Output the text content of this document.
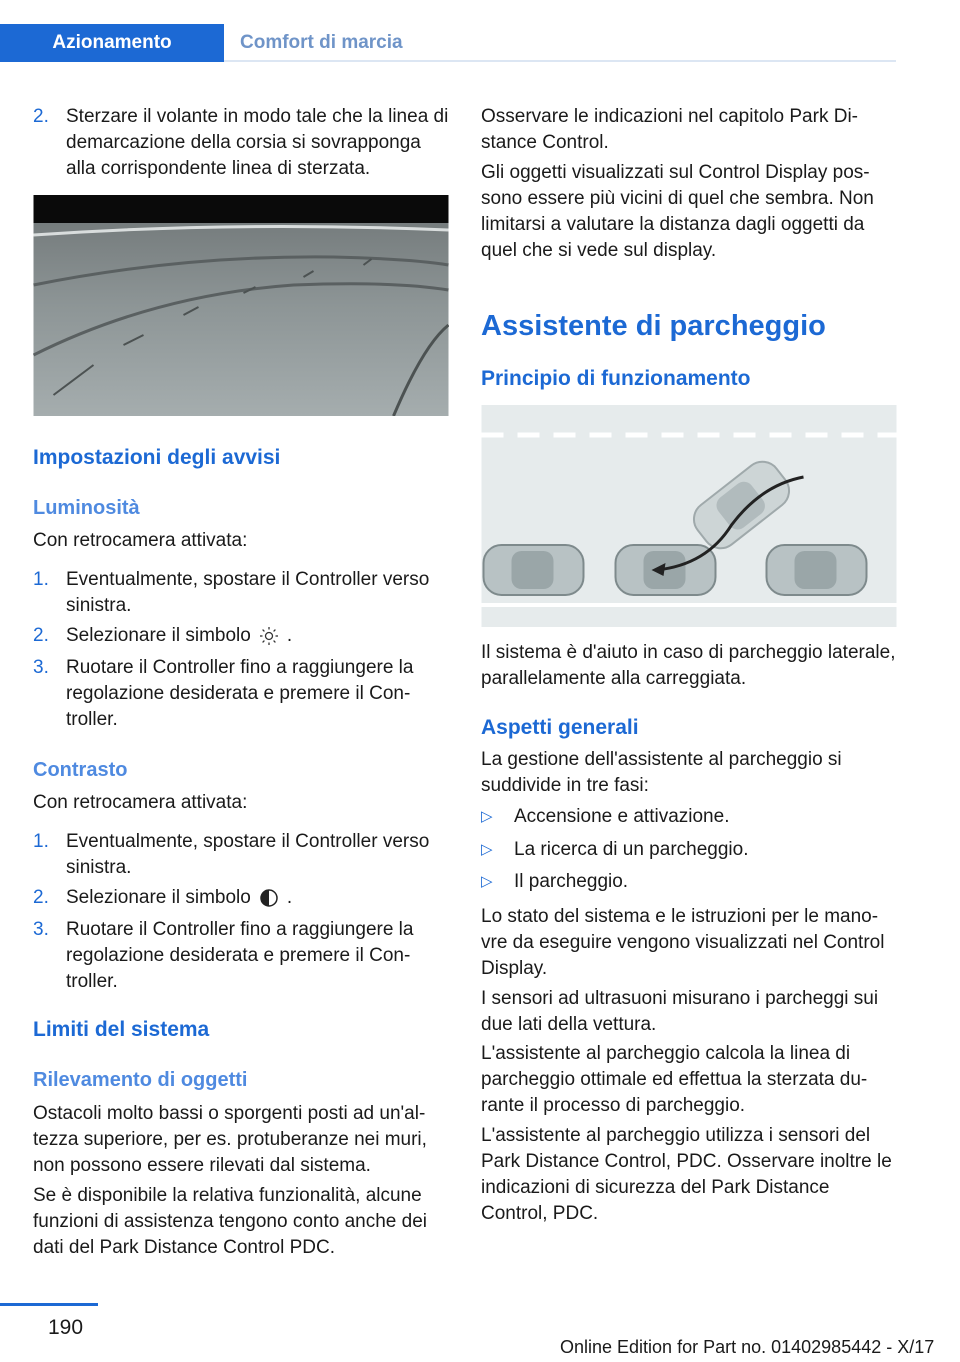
Azionamento	Comfort di marcia
2. Sterzare il volante in modo tale che la linea di demarcazione della corsia si sovrapponga alla corrispondente linea di sterzata.

Impostazioni degli avvisi
Luminosità

Con retrocamera attivata:

1. Eventualmente, spostare il Controller verso sinistra.

2. Selezionare il simbolo .

3. Ruotare il Controller fino a raggiungere la regolazione desiderata e premere il Controller.

Contrasto

Con retrocamera attivata:

1. Eventualmente, spostare il Controller verso sinistra.

2. Selezionare il simbolo .

3. Ruotare il Controller fino a raggiungere la regolazione desiderata e premere il Controller.

Limiti del sistema
Rilevamento di oggetti

Ostacoli molto bassi o sporgenti posti ad un'altezza superiore, per es. protuberanze nei muri, non possono essere rilevati dal sistema.

Se è disponibile la relativa funzionalità, alcune funzioni di assistenza tengono conto anche dei dati del Park Distance Control PDC.

Osservare le indicazioni nel capitolo Park Distance Control.

Gli oggetti visualizzati sul Control Display possono essere più vicini di quel che sembra. Non limitarsi a valutare la distanza dagli oggetti da quel che si vede sul display.

Assistente di parcheggio
Principio di funzionamento

Il sistema è d'aiuto in caso di parcheggio laterale, parallelamente alla carreggiata.

Aspetti generali

La gestione dell'assistente al parcheggio si suddivide in tre fasi:

▷ Accensione e attivazione.

▷ La ricerca di un parcheggio.

▷ Il parcheggio.

Lo stato del sistema e le istruzioni per le manovre da eseguire vengono visualizzati nel Control Display.

I sensori ad ultrasuoni misurano i parcheggi sui due lati della vettura.

L'assistente al parcheggio calcola la linea di parcheggio ottimale ed effettua la sterzata durante il processo di parcheggio.

L'assistente al parcheggio utilizza i sensori del Park Distance Control, PDC. Osservare inoltre le indicazioni di sicurezza del Park Distance Control, PDC.

190
Online Edition for Part no. 01402985442 - X/17
